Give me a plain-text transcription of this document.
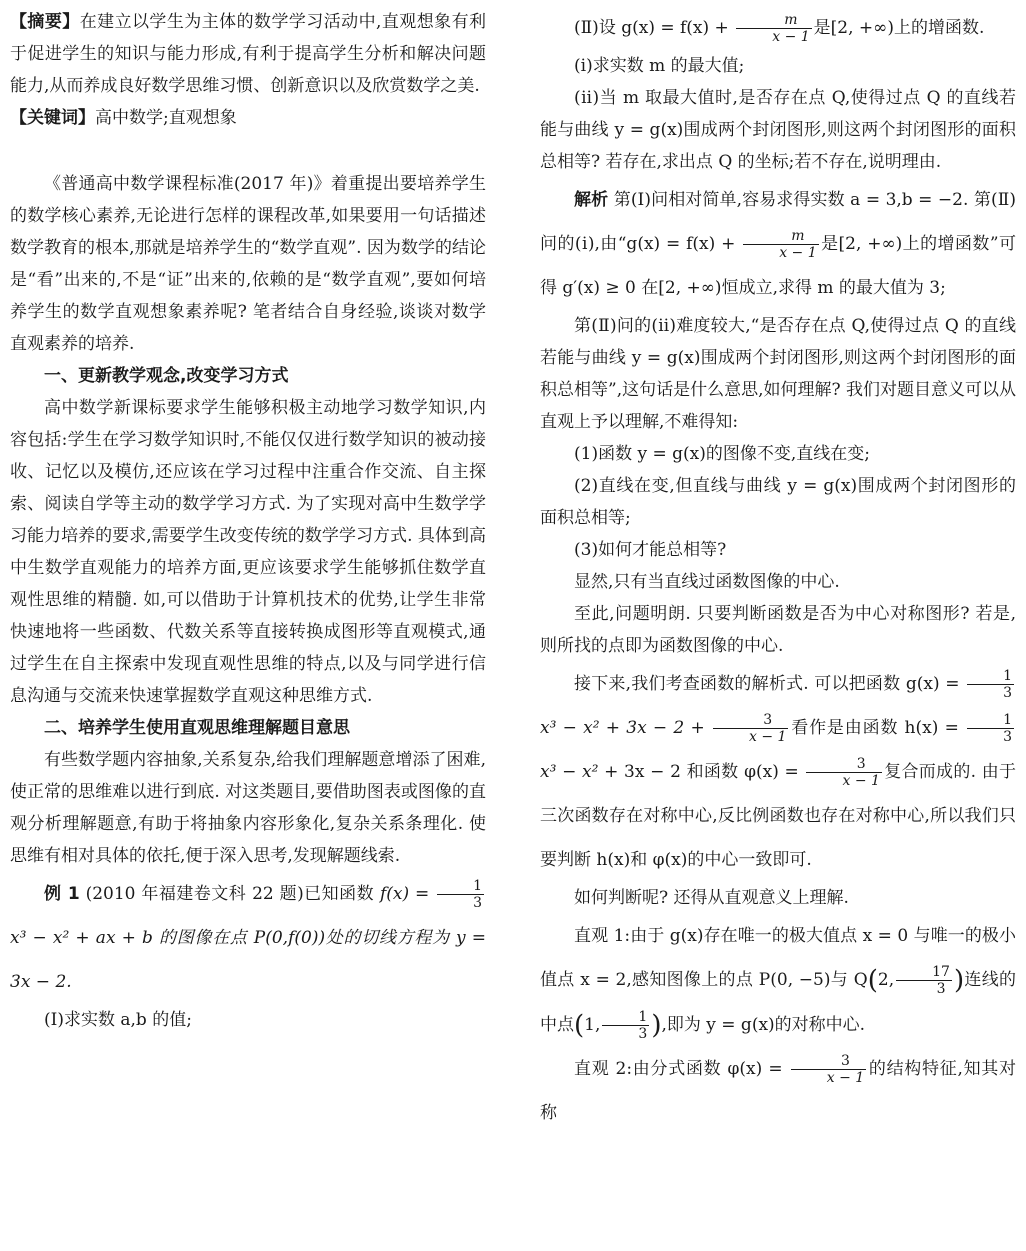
【摘要】在建立以学生为主体的数学学习活动中,直观想象有利于促进学生的知识与能力形成,有利于提高学生分析和解决问题能力,从而养成良好数学思维习惯、创新意识以及欣赏数学之美.

【关键词】高中数学;直观想象

《普通高中数学课程标准(2017 年)》着重提出要培养学生的数学核心素养,无论进行怎样的课程改革,如果要用一句话描述数学教育的根本,那就是培养学生的“数学直观”. 因为数学的结论是“看”出来的,不是“证”出来的,依赖的是“数学直观”,要如何培养学生的数学直观想象素养呢? 笔者结合自身经验,谈谈对数学直观素养的培养.

一、更新教学观念,改变学习方式

高中数学新课标要求学生能够积极主动地学习数学知识,内容包括:学生在学习数学知识时,不能仅仅进行数学知识的被动接收、记忆以及模仿,还应该在学习过程中注重合作交流、自主探索、阅读自学等主动的数学学习方式. 为了实现对高中生数学学习能力培养的要求,需要学生改变传统的数学学习方式. 具体到高中生数学直观能力的培养方面,更应该要求学生能够抓住数学直观性思维的精髓. 如,可以借助于计算机技术的优势,让学生非常快速地将一些函数、代数关系等直接转换成图形等直观模式,通过学生在自主探索中发现直观性思维的特点,以及与同学进行信息沟通与交流来快速掌握数学直观这种思维方式.

二、培养学生使用直观思维理解题目意思

有些数学题内容抽象,关系复杂,给我们理解题意增添了困难,使正常的思维难以进行到底. 对这类题目,要借助图表或图像的直观分析理解题意,有助于将抽象内容形象化,复杂关系条理化. 使思维有相对具体的依托,便于深入思考,发现解题线索.

例 1 (2010 年福建卷文科 22 题)已知函数 $f(x) = \frac{1}{3}$
x³ − x² + ax + b 的图像在点 P(0,f(0))处的切线方程为 y = 3x − 2.

(Ⅰ)求实数 a,b 的值;

(Ⅱ)设 $g(x) = f(x) + \frac{m}{x - 1}$ 是[2, +∞)上的增函数.

(ⅰ)求实数 m 的最大值;

(ⅱ)当 m 取最大值时,是否存在点 Q,使得过点 Q 的直线若能与曲线 y = g(x)围成两个封闭图形,则这两个封闭图形的面积总相等? 若存在,求出点 Q 的坐标;若不存在,说明理由.

解析 第(Ⅰ)问相对简单,容易求得实数 a = 3,b = −2. 第(Ⅱ)问的(ⅰ),由“$g(x) = f(x) + \frac{m}{x - 1}$ 是[2, +∞)上的增函数”可得 g′(x) ≥ 0 在[2, +∞)恒成立,求得 m 的最大值为 3;

第(Ⅱ)问的(ⅱ)难度较大,“是否存在点 Q,使得过点 Q 的直线若能与曲线 y = g(x)围成两个封闭图形,则这两个封闭图形的面积总相等”,这句话是什么意思,如何理解? 我们对题目意义可以从直观上予以理解,不难得知:

(1)函数 y = g(x)的图像不变,直线在变;

(2)直线在变,但直线与曲线 y = g(x)围成两个封闭图形的面积总相等;

(3)如何才能总相等?

显然,只有当直线过函数图像的中心.

至此,问题明朗. 只要判断函数是否为中心对称图形? 若是,则所找的点即为函数图像的中心.

接下来,我们考查函数的解析式. 可以把函数 $g(x) = \frac{1}{3}$
$x^3 - x^2 + 3x - 2 + \frac{3}{x - 1}$ 看作是由函数 $h(x) = \frac{1}{3}$
x³ − x² + 3x − 2 和函数 $\varphi(x) = \frac{3}{x - 1}$ 复合而成的. 由于三次函数存在对称中心,反比例函数也存在对称中心,所以我们只要判断 h(x)和 φ(x)的中心一致即可.

如何判断呢? 还得从直观意义上理解.

直观 1:由于 g(x)存在唯一的极大值点 x = 0 与唯一的极小值点 x = 2,感知图像上的点 P(0, −5)与 Q(2, $\frac{17}{3}$ )连线的中点(1, $\frac{1}{3}$ ),即为 y = g(x)的对称中心.

直观 2:由分式函数 $\varphi(x) = \frac{3}{x - 1}$ 的结构特征,知其对称
